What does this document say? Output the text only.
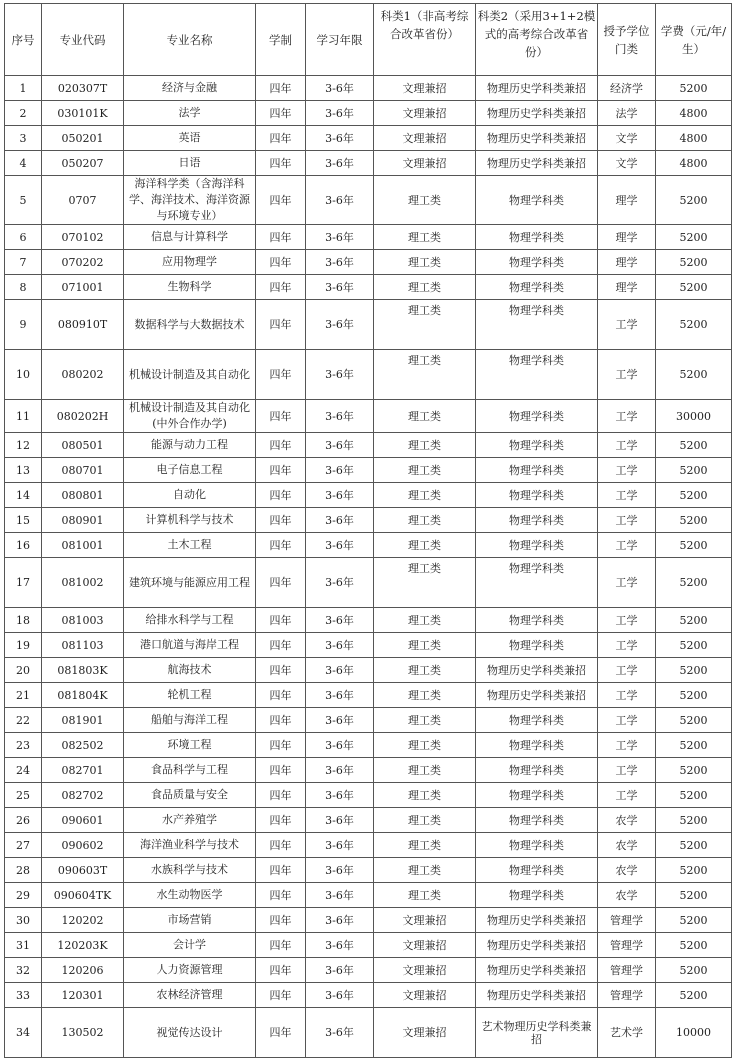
序号	专业代码	专业名称	学制	学习年限	科类1（非高考综合改革省份）	科类2（采用3+1+2模式的高考综合改革省份）	授予学位门类	学费（元/年/生）
1	020307T	经济与金融	四年	3-6年	文理兼招	物理历史学科类兼招	经济学	5200
2	030101K	法学	四年	3-6年	文理兼招	物理历史学科类兼招	法学	4800
3	050201	英语	四年	3-6年	文理兼招	物理历史学科类兼招	文学	4800
4	050207	日语	四年	3-6年	文理兼招	物理历史学科类兼招	文学	4800
5	0707	海洋科学类（含海洋科学、海洋技术、海洋资源与环境专业）	四年	3-6年	理工类	物理学科类	理学	5200
6	070102	信息与计算科学	四年	3-6年	理工类	物理学科类	理学	5200
7	070202	应用物理学	四年	3-6年	理工类	物理学科类	理学	5200
8	071001	生物科学	四年	3-6年	理工类	物理学科类	理学	5200
9	080910T	数据科学与大数据技术	四年	3-6年	理工类	物理学科类	工学	5200
10	080202	机械设计制造及其自动化	四年	3-6年	理工类	物理学科类	工学	5200
11	080202H	机械设计制造及其自动化(中外合作办学)	四年	3-6年	理工类	物理学科类	工学	30000
12	080501	能源与动力工程	四年	3-6年	理工类	物理学科类	工学	5200
13	080701	电子信息工程	四年	3-6年	理工类	物理学科类	工学	5200
14	080801	自动化	四年	3-6年	理工类	物理学科类	工学	5200
15	080901	计算机科学与技术	四年	3-6年	理工类	物理学科类	工学	5200
16	081001	土木工程	四年	3-6年	理工类	物理学科类	工学	5200
17	081002	建筑环境与能源应用工程	四年	3-6年	理工类	物理学科类	工学	5200
18	081003	给排水科学与工程	四年	3-6年	理工类	物理学科类	工学	5200
19	081103	港口航道与海岸工程	四年	3-6年	理工类	物理学科类	工学	5200
20	081803K	航海技术	四年	3-6年	理工类	物理历史学科类兼招	工学	5200
21	081804K	轮机工程	四年	3-6年	理工类	物理历史学科类兼招	工学	5200
22	081901	船舶与海洋工程	四年	3-6年	理工类	物理学科类	工学	5200
23	082502	环境工程	四年	3-6年	理工类	物理学科类	工学	5200
24	082701	食品科学与工程	四年	3-6年	理工类	物理学科类	工学	5200
25	082702	食品质量与安全	四年	3-6年	理工类	物理学科类	工学	5200
26	090601	水产养殖学	四年	3-6年	理工类	物理学科类	农学	5200
27	090602	海洋渔业科学与技术	四年	3-6年	理工类	物理学科类	农学	5200
28	090603T	水族科学与技术	四年	3-6年	理工类	物理学科类	农学	5200
29	090604TK	水生动物医学	四年	3-6年	理工类	物理学科类	农学	5200
30	120202	市场营销	四年	3-6年	文理兼招	物理历史学科类兼招	管理学	5200
31	120203K	会计学	四年	3-6年	文理兼招	物理历史学科类兼招	管理学	5200
32	120206	人力资源管理	四年	3-6年	文理兼招	物理历史学科类兼招	管理学	5200
33	120301	农林经济管理	四年	3-6年	文理兼招	物理历史学科类兼招	管理学	5200
34	130502	视觉传达设计	四年	3-6年	文理兼招	艺术物理历史学科类兼招	艺术学	10000
